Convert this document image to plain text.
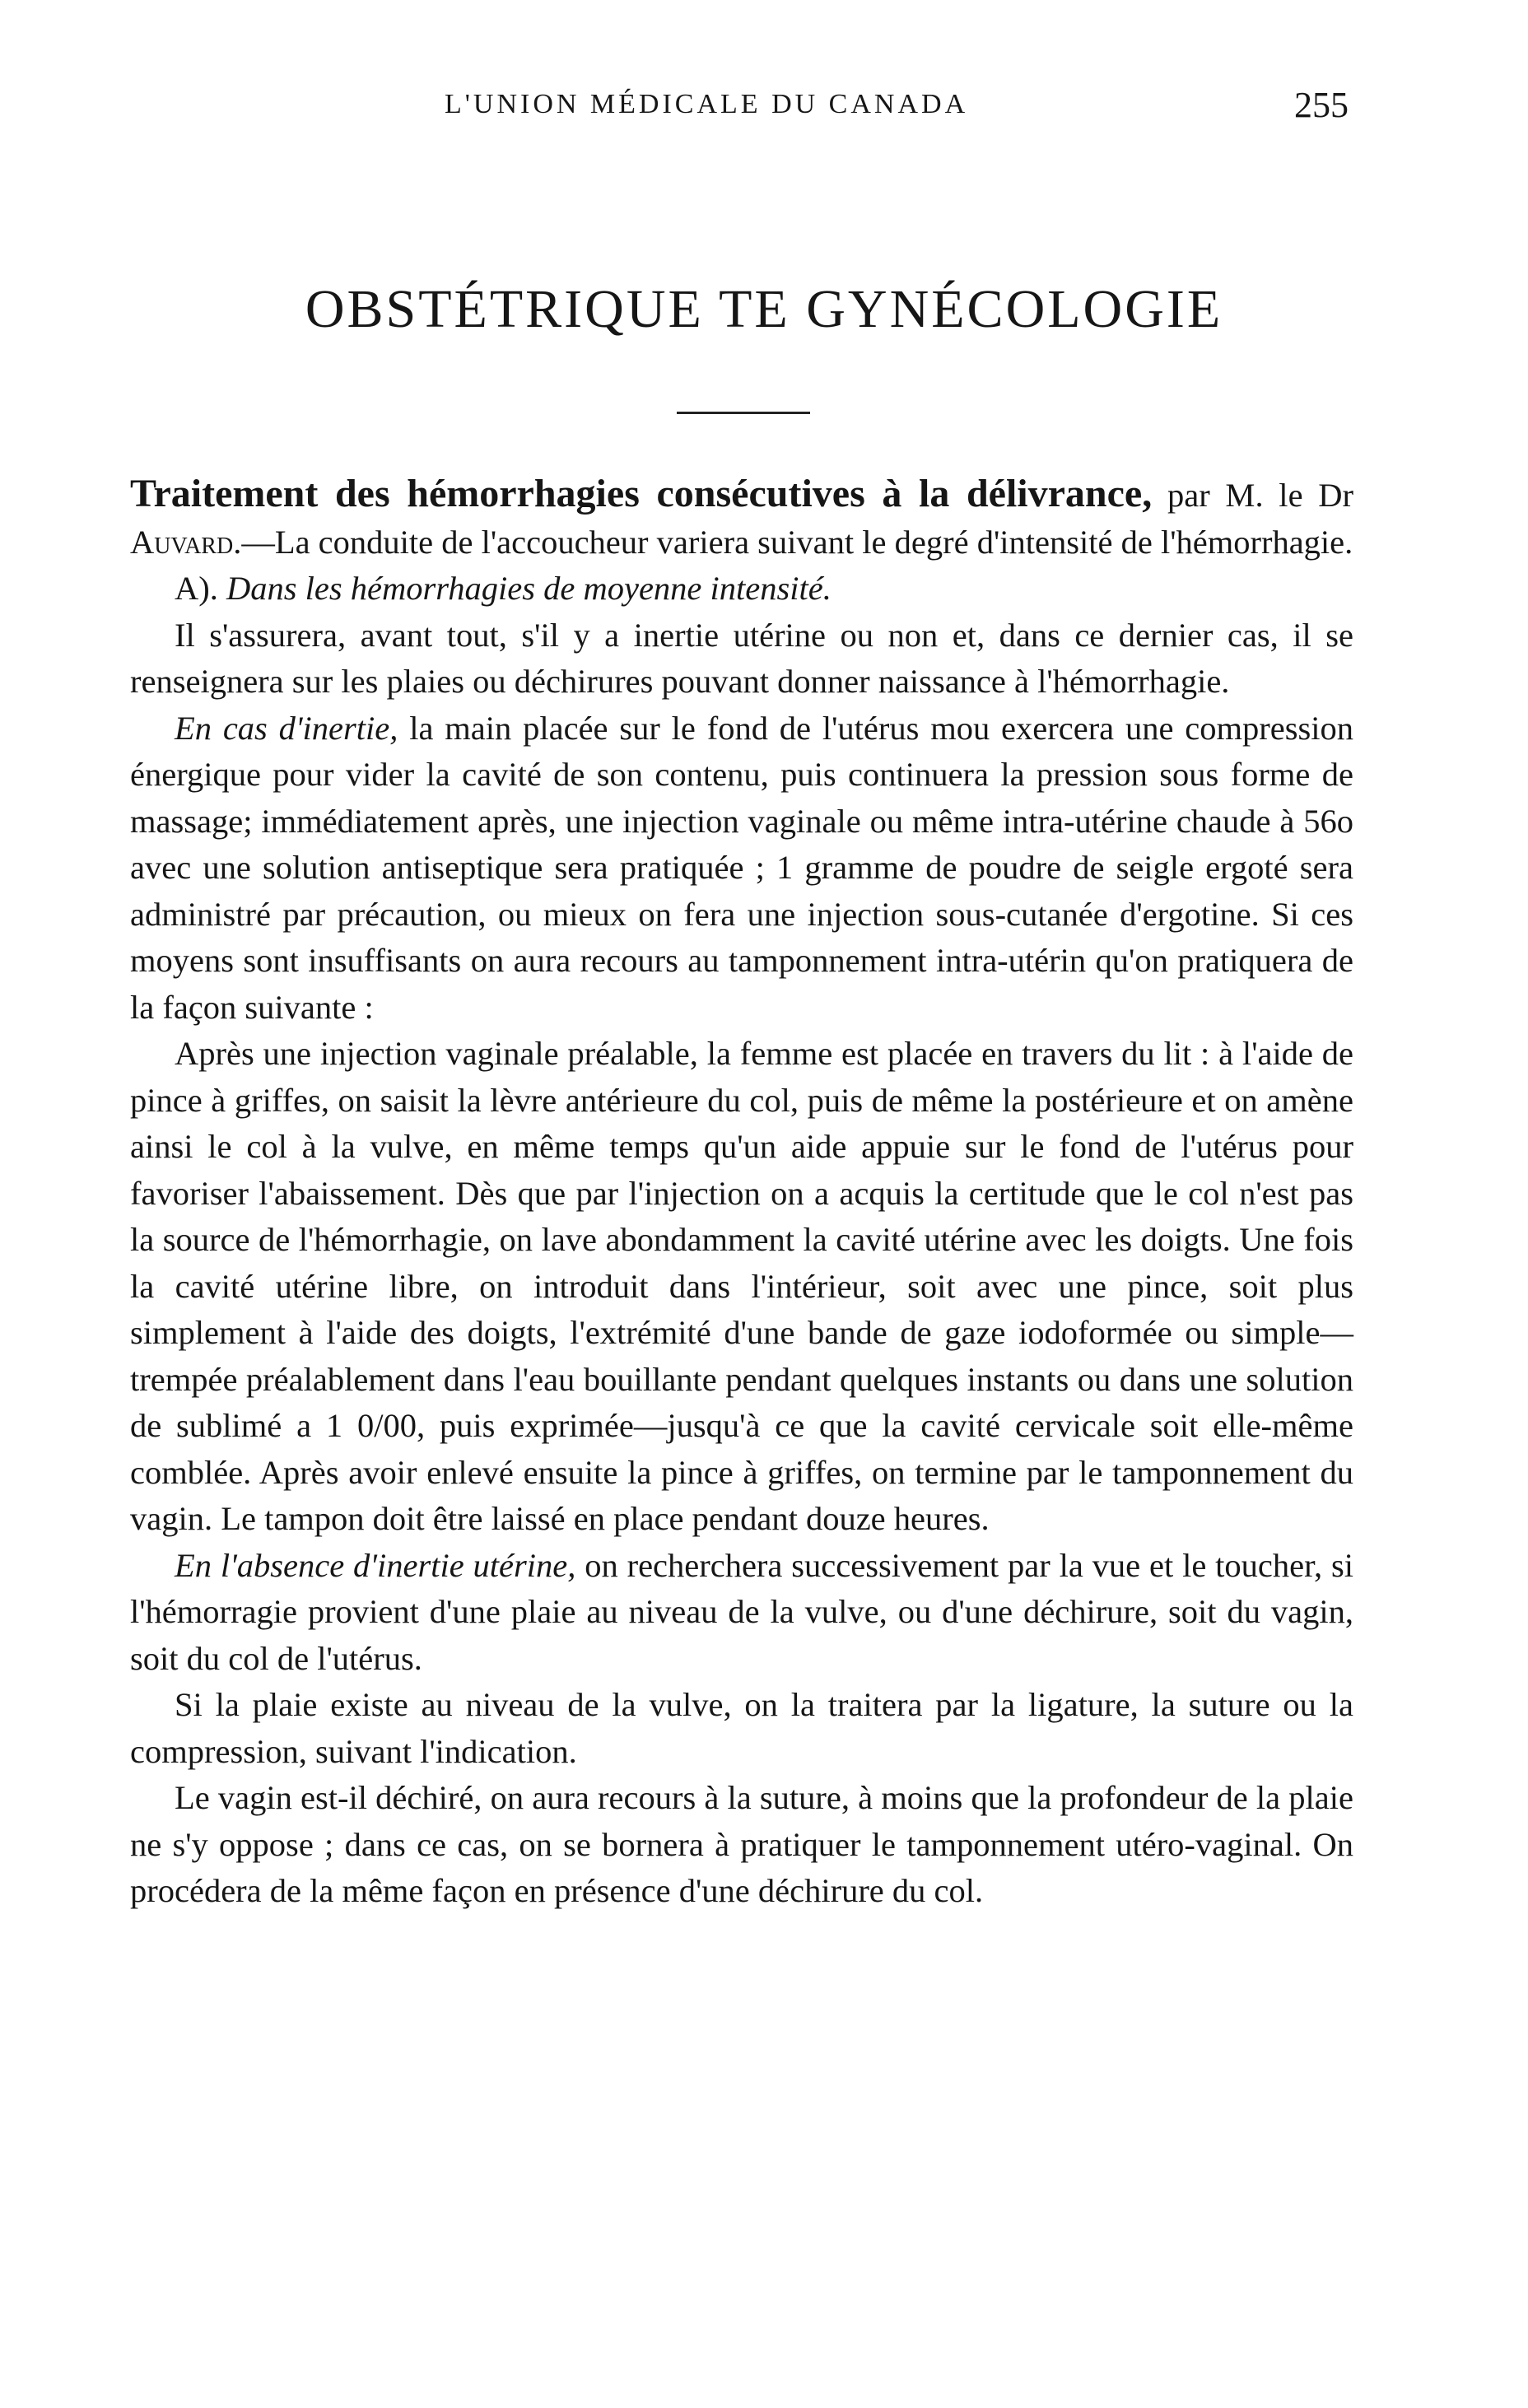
L'UNION MÉDICALE DU CANADA	255
OBSTÉTRIQUE TE GYNÉCOLOGIE

Traitement des hémorrhagies consécutives à la délivrance, par M. le Dr Auvard.—La conduite de l'accoucheur variera suivant le degré d'intensité de l'hémorrhagie.

A). Dans les hémorrhagies de moyenne intensité.

Il s'assurera, avant tout, s'il y a inertie utérine ou non et, dans ce dernier cas, il se renseignera sur les plaies ou déchirures pouvant donner naissance à l'hémorrhagie.

En cas d'inertie, la main placée sur le fond de l'utérus mou exercera une compression énergique pour vider la cavité de son contenu, puis continuera la pression sous forme de massage; immédiatement après, une injection vaginale ou même intra-utérine chaude à 56o avec une solution antiseptique sera pratiquée ; 1 gramme de poudre de seigle ergoté sera administré par précaution, ou mieux on fera une injection sous-cutanée d'ergotine. Si ces moyens sont insuffisants on aura recours au tamponnement intra-utérin qu'on pratiquera de la façon suivante :

Après une injection vaginale préalable, la femme est placée en travers du lit : à l'aide de pince à griffes, on saisit la lèvre antérieure du col, puis de même la postérieure et on amène ainsi le col à la vulve, en même temps qu'un aide appuie sur le fond de l'utérus pour favoriser l'abaissement. Dès que par l'injection on a acquis la certitude que le col n'est pas la source de l'hémorrhagie, on lave abondamment la cavité utérine avec les doigts. Une fois la cavité utérine libre, on introduit dans l'intérieur, soit avec une pince, soit plus simplement à l'aide des doigts, l'extrémité d'une bande de gaze iodoformée ou simple—trempée préalablement dans l'eau bouillante pendant quelques instants ou dans une solution de sublimé a 1 0/00, puis exprimée—jusqu'à ce que la cavité cervicale soit elle-même comblée. Après avoir enlevé ensuite la pince à griffes, on termine par le tamponnement du vagin. Le tampon doit être laissé en place pendant douze heures.

En l'absence d'inertie utérine, on recherchera successivement par la vue et le toucher, si l'hémorragie provient d'une plaie au niveau de la vulve, ou d'une déchirure, soit du vagin, soit du col de l'utérus.

Si la plaie existe au niveau de la vulve, on la traitera par la ligature, la suture ou la compression, suivant l'indication.

Le vagin est-il déchiré, on aura recours à la suture, à moins que la profondeur de la plaie ne s'y oppose ; dans ce cas, on se bornera à pratiquer le tamponnement utéro-vaginal. On procédera de la même façon en présence d'une déchirure du col.
